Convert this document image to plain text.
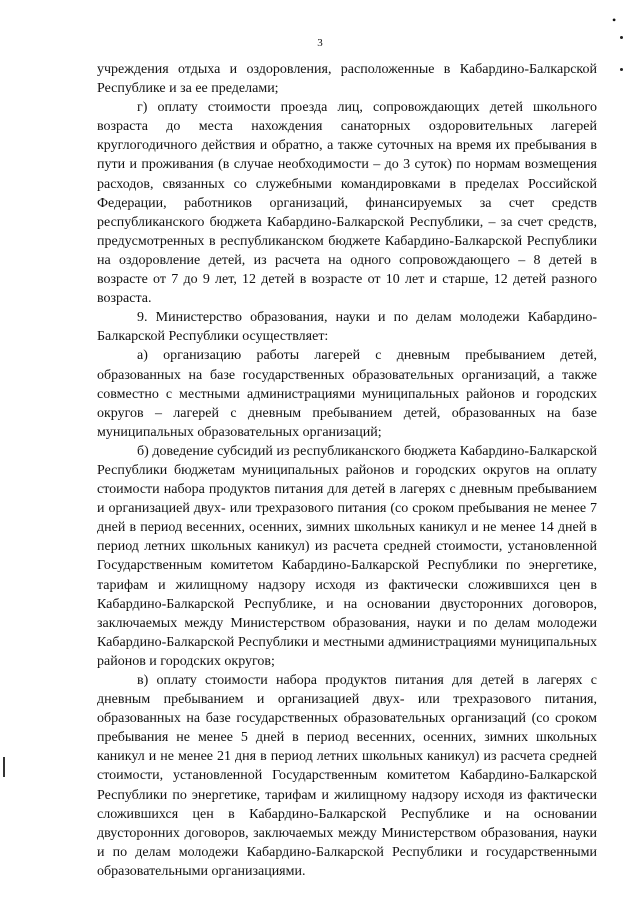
3
•

учреждения отдыха и оздоровления, расположенные в Кабардино-Балкарской Республике и за ее пределами;

г) оплату стоимости проезда лиц, сопровождающих детей школьного возраста до места нахождения санаторных оздоровительных лагерей круглогодичного действия и обратно, а также суточных на время их пребывания в пути и проживания (в случае необходимости – до 3 суток) по нормам возмещения расходов, связанных со служебными командировками в пределах Российской Федерации, работников организаций, финансируемых за счет средств республиканского бюджета Кабардино-Балкарской Республики, – за счет средств, предусмотренных в республиканском бюджете Кабардино-Балкарской Республики на оздоровление детей, из расчета на одного сопровождающего – 8 детей в возрасте от 7 до 9 лет, 12 детей в возрасте от 10 лет и старше, 12 детей разного возраста.

9. Министерство образования, науки и по делам молодежи Кабардино-Балкарской Республики осуществляет:

а) организацию работы лагерей с дневным пребыванием детей, образованных на базе государственных образовательных организаций, а также совместно с местными администрациями муниципальных районов и городских округов – лагерей с дневным пребыванием детей, образованных на базе муниципальных образовательных организаций;

б) доведение субсидий из республиканского бюджета Кабардино-Балкарской Республики бюджетам муниципальных районов и городских округов на оплату стоимости набора продуктов питания для детей в лагерях с дневным пребыванием и организацией двух- или трехразового питания (со сроком пребывания не менее 7 дней в период весенних, осенних, зимних школьных каникул и не менее 14 дней в период летних школьных каникул) из расчета средней стоимости, установленной Государственным комитетом Кабардино-Балкарской Республики по энергетике, тарифам и жилищному надзору исходя из фактически сложившихся цен в Кабардино-Балкарской Республике, и на основании двусторонних договоров, заключаемых между Министерством образования, науки и по делам молодежи Кабардино-Балкарской Республики и местными администрациями муниципальных районов и городских округов;

в) оплату стоимости набора продуктов питания для детей в лагерях с дневным пребыванием и организацией двух- или трехразового питания, образованных на базе государственных образовательных организаций (со сроком пребывания не менее 5 дней в период весенних, осенних, зимних школьных каникул и не менее 21 дня в период летних школьных каникул) из расчета средней стоимости, установленной Государственным комитетом Кабардино-Балкарской Республики по энергетике, тарифам и жилищному надзору исходя из фактически сложившихся цен в Кабардино-Балкарской Республике и на основании двусторонних договоров, заключаемых между Министерством образования, науки и по делам молодежи Кабардино-Балкарской Республики и государственными образовательными организациями.
